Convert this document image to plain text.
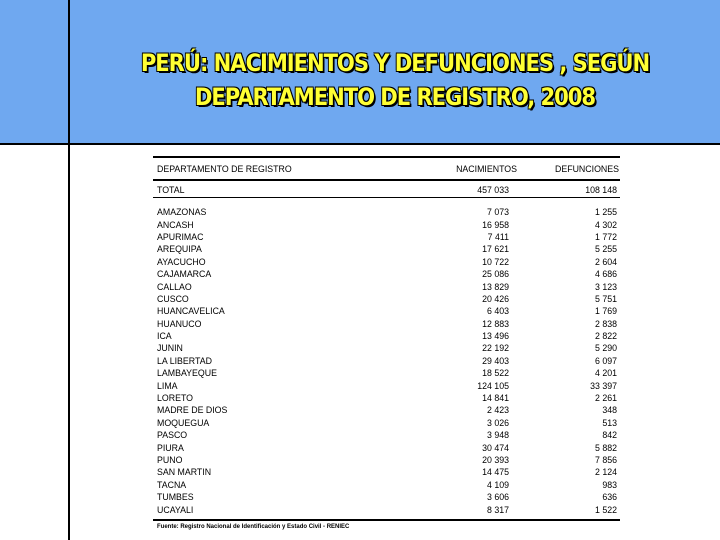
PERÚ: NACIMIENTOS Y DEFUNCIONES , SEGÚN
DEPARTAMENTO DE REGISTRO, 2008
DEPARTAMENTO DE REGISTRO	NACIMIENTOS	DEFUNCIONES
TOTAL	457 033	108 148
AMAZONAS	7 073	1 255
ANCASH	16 958	4 302
APURIMAC	7 411	1 772
AREQUIPA	17 621	5 255
AYACUCHO	10 722	2 604
CAJAMARCA	25 086	4 686
CALLAO	13 829	3 123
CUSCO	20 426	5 751
HUANCAVELICA	6 403	1 769
HUANUCO	12 883	2 838
ICA	13 496	2 822
JUNIN	22 192	5 290
LA LIBERTAD	29 403	6 097
LAMBAYEQUE	18 522	4 201
LIMA	124 105	33 397
LORETO	14 841	2 261
MADRE DE DIOS	2 423	348
MOQUEGUA	3 026	513
PASCO	3 948	842
PIURA	30 474	5 882
PUNO	20 393	7 856
SAN MARTIN	14 475	2 124
TACNA	4 109	983
TUMBES	3 606	636
UCAYALI	8 317	1 522
Fuente: Registro Nacional de Identificación y Estado Civil - RENIEC
